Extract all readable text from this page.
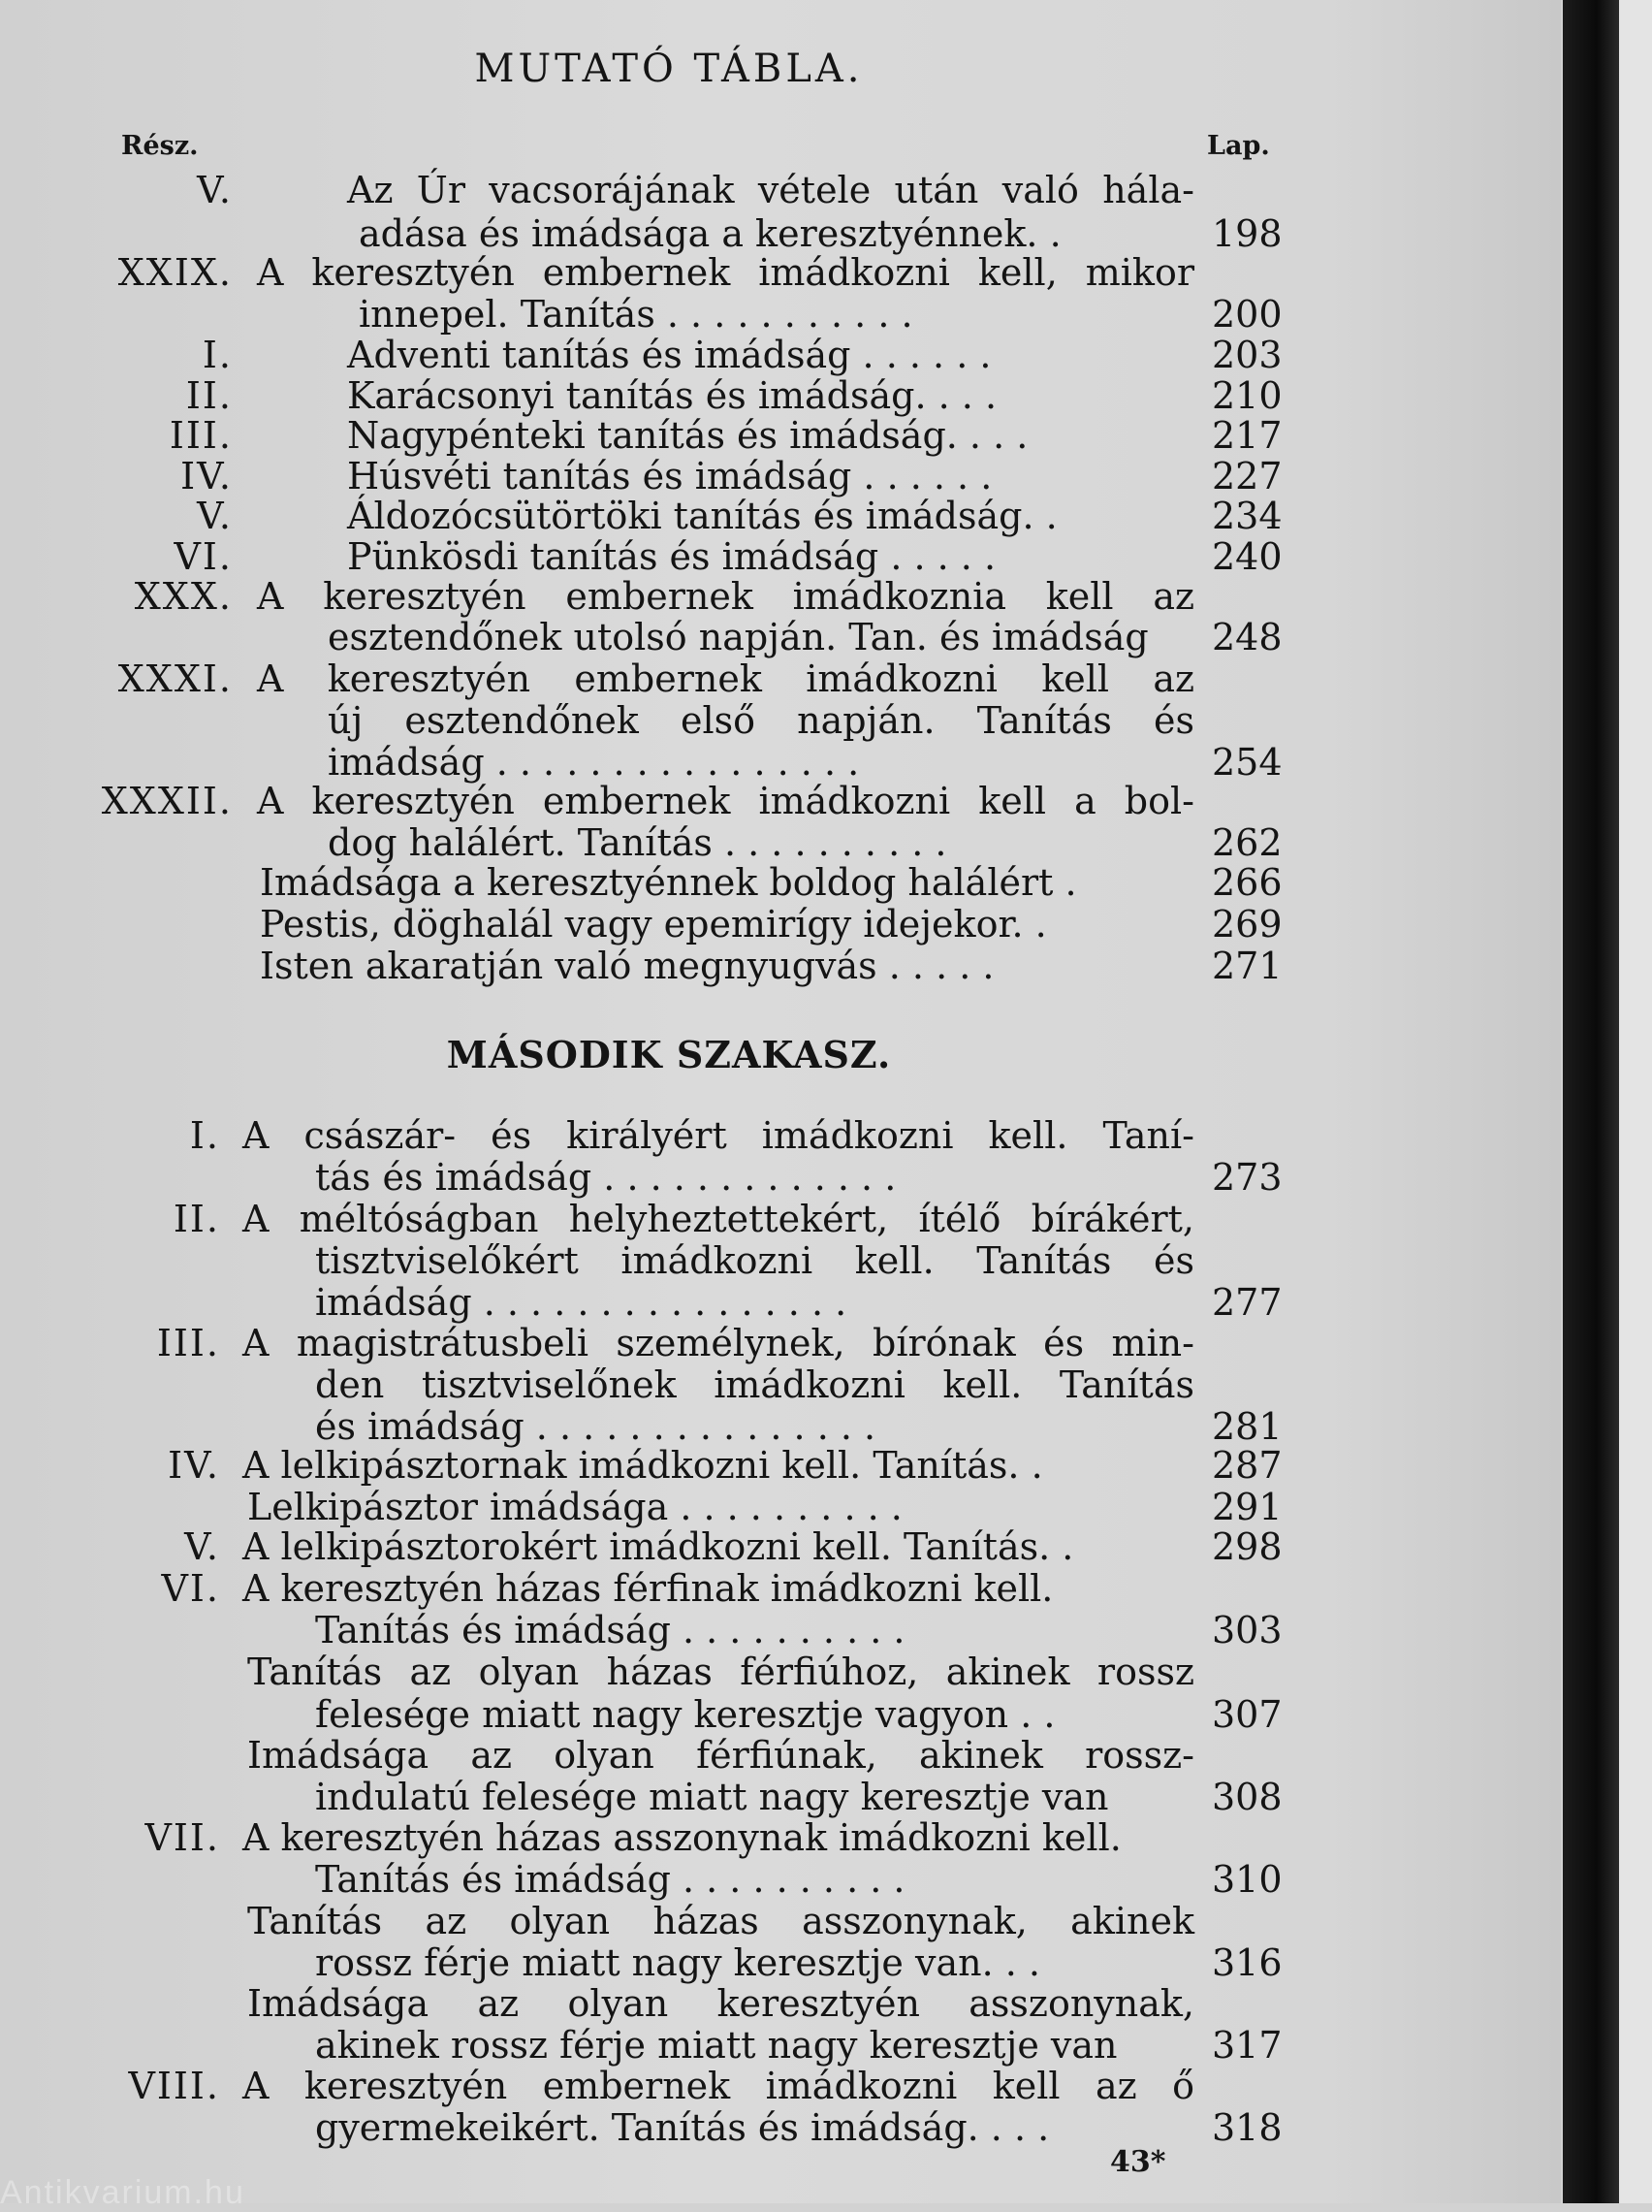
MUTATÓ TÁBLA.
Rész.	Lap.
V.	Az Úr vacsorájának vétele után való hála-
adása és imádsága a keresztyénnek. .	198
XXIX. A keresztyén embernek imádkozni kell, mikor
innepel. Tanítás . . . . . . . . . . .	200
I.	Adventi tanítás és imádság . . . . . .	203
II.	Karácsonyi tanítás és imádság. . . .	210
III.	Nagypénteki tanítás és imádság. . . .	217
IV.	Húsvéti tanítás és imádság . . . . . .	227
V.	Áldozócsütörtöki tanítás és imádság. .	234
VI.	Pünkösdi tanítás és imádság . . . . .	240
XXX. A keresztyén embernek imádkoznia kell az
esztendőnek utolsó napján. Tan. és imádság	248
XXXI. A keresztyén embernek imádkozni kell az
új esztendőnek első napján. Tanítás és
imádság . . . . . . . . . . . . . . . .	254
XXXII. A keresztyén embernek imádkozni kell a bol-
dog halálért. Tanítás . . . . . . . . . .	262
Imádsága a keresztyénnek boldog halálért .	266
Pestis, döghalál vagy epemirígy idejekor. .	269
Isten akaratján való megnyugvás . . . . .	271
I. A császár- és királyért imádkozni kell. Taní-
tás és imádság . . . . . . . . . . . . .	273
II. A méltóságban helyheztettekért, ítélő bírákért,
tisztviselőkért imádkozni kell. Tanítás és
imádság . . . . . . . . . . . . . . . .	277
III. A magistrátusbeli személynek, bírónak és min-
den tisztviselőnek imádkozni kell. Tanítás
és imádság . . . . . . . . . . . . . . .	281
IV. A lelkipásztornak imádkozni kell. Tanítás. .	287
Lelkipásztor imádsága . . . . . . . . . .	291
V. A lelkipásztorokért imádkozni kell. Tanítás. .	298
VI. A keresztyén házas férfinak imádkozni kell.
Tanítás és imádság . . . . . . . . . .	303
Tanítás az olyan házas férfiúhoz, akinek rossz
felesége miatt nagy keresztje vagyon . .	307
Imádsága az olyan férfiúnak, akinek rossz-
indulatú felesége miatt nagy keresztje van	308
VII. A keresztyén házas asszonynak imádkozni kell.
Tanítás és imádság . . . . . . . . . .	310
Tanítás az olyan házas asszonynak, akinek
rossz férje miatt nagy keresztje van. . .	316
Imádsága az olyan keresztyén asszonynak,
akinek rossz férje miatt nagy keresztje van	317
VIII. A keresztyén embernek imádkozni kell az ő
gyermekeikért. Tanítás és imádság. . . .	318
MÁSODIK SZAKASZ.
43*
Antikvarium.hu
